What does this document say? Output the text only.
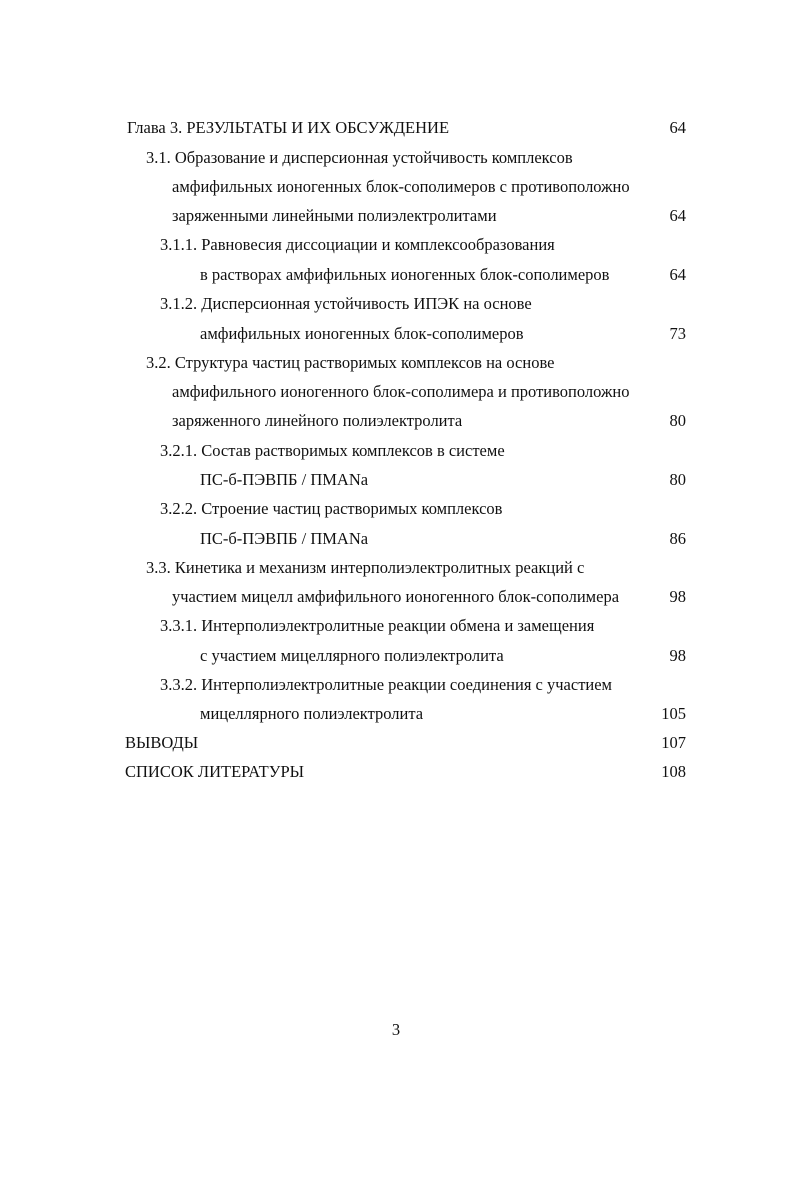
Глава 3. РЕЗУЛЬТАТЫ И ИХ ОБСУЖДЕНИЕ	64
3.1. Образование и дисперсионная устойчивость комплексов
амфифильных ионогенных блок-сополимеров с противоположно
заряженными линейными полиэлектролитами	64
3.1.1. Равновесия диссоциации и комплексообразования
в растворах амфифильных ионогенных блок-сополимеров	64
3.1.2. Дисперсионная устойчивость ИПЭК на основе
амфифильных ионогенных блок-сополимеров	73
3.2. Структура частиц растворимых комплексов на основе
амфифильного ионогенного блок-сополимера и противоположно
заряженного линейного полиэлектролита	80
3.2.1. Состав растворимых комплексов в системе
ПС-б-ПЭВПБ / ПМАNa	80
3.2.2. Строение частиц растворимых комплексов
ПС-б-ПЭВПБ / ПМАNa	86
3.3. Кинетика и механизм интерполиэлектролитных реакций с
участием мицелл амфифильного ионогенного блок-сополимера	98
3.3.1. Интерполиэлектролитные реакции обмена и замещения
с участием мицеллярного полиэлектролита	98
3.3.2. Интерполиэлектролитные реакции соединения с участием
мицеллярного полиэлектролита	105
ВЫВОДЫ	107
СПИСОК ЛИТЕРАТУРЫ	108
3
